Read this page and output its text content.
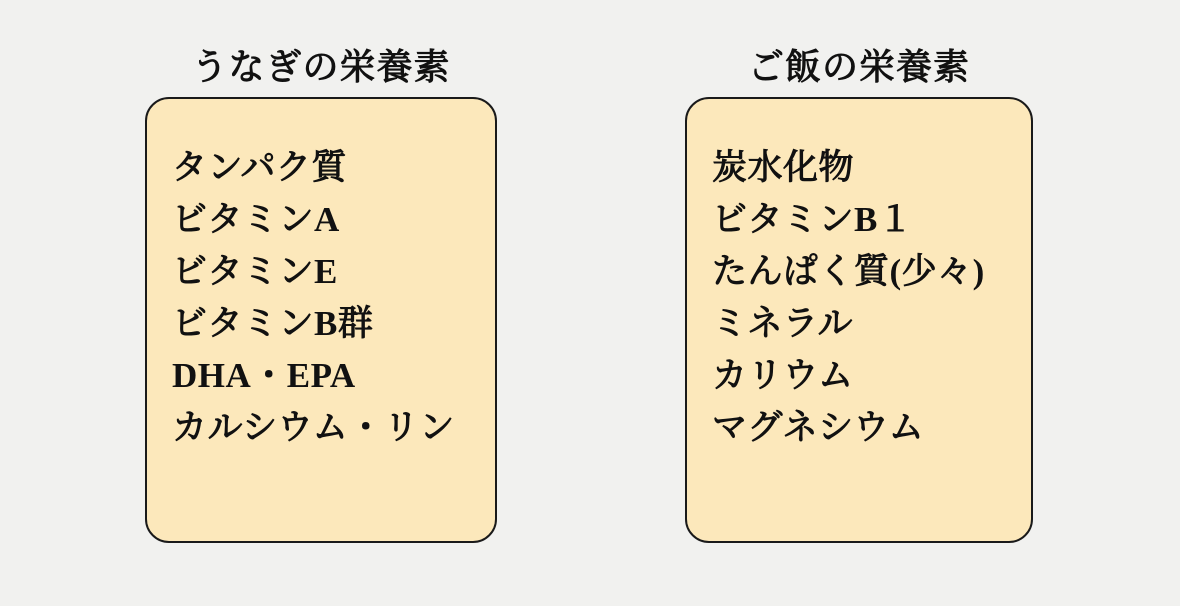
うなぎの栄養素
タンパク質
ビタミンA
ビタミンE
ビタミンB群
DHA・EPA
カルシウム・リン
ご飯の栄養素
炭水化物
ビタミンB１
たんぱく質(少々)
ミネラル
カリウム
マグネシウム
